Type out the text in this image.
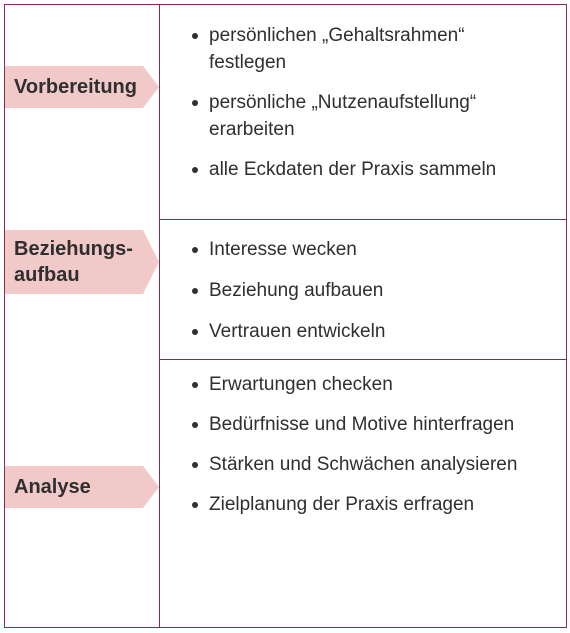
Vorbereitung
persönlichen „Gehaltsrahmen“ festlegen
persönliche „Nutzenaufstellung“ erarbeiten
alle Eckdaten der Praxis sammeln
Beziehungs-
aufbau
Interesse wecken
Beziehung aufbauen
Vertrauen entwickeln
Analyse
Erwartungen checken
Bedürfnisse und Motive hinterfragen
Stärken und Schwächen analysieren
Zielplanung der Praxis erfragen
